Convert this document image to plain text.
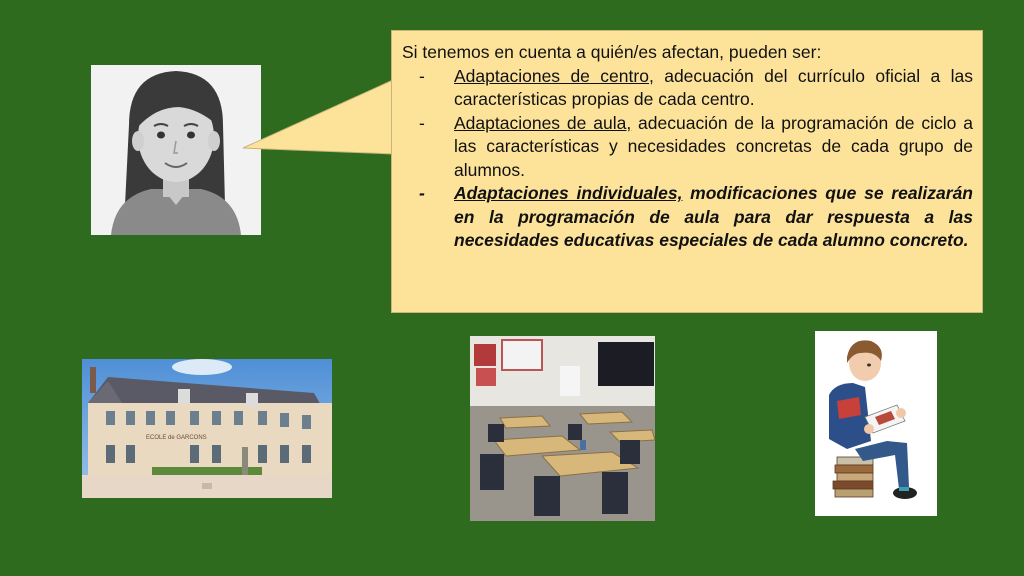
Si tenemos en cuenta a quién/es afectan, pueden ser:

- Adaptaciones de centro, adecuación del currículo oficial a las características propias de cada centro.
- Adaptaciones de aula, adecuación de la programación de ciclo a las características y necesidades concretas de cada grupo de alumnos.
- Adaptaciones individuales, modificaciones que se realizarán en la programación de aula para dar respuesta a las necesidades educativas especiales de cada alumno concreto.
ECOLE de GARCONS
